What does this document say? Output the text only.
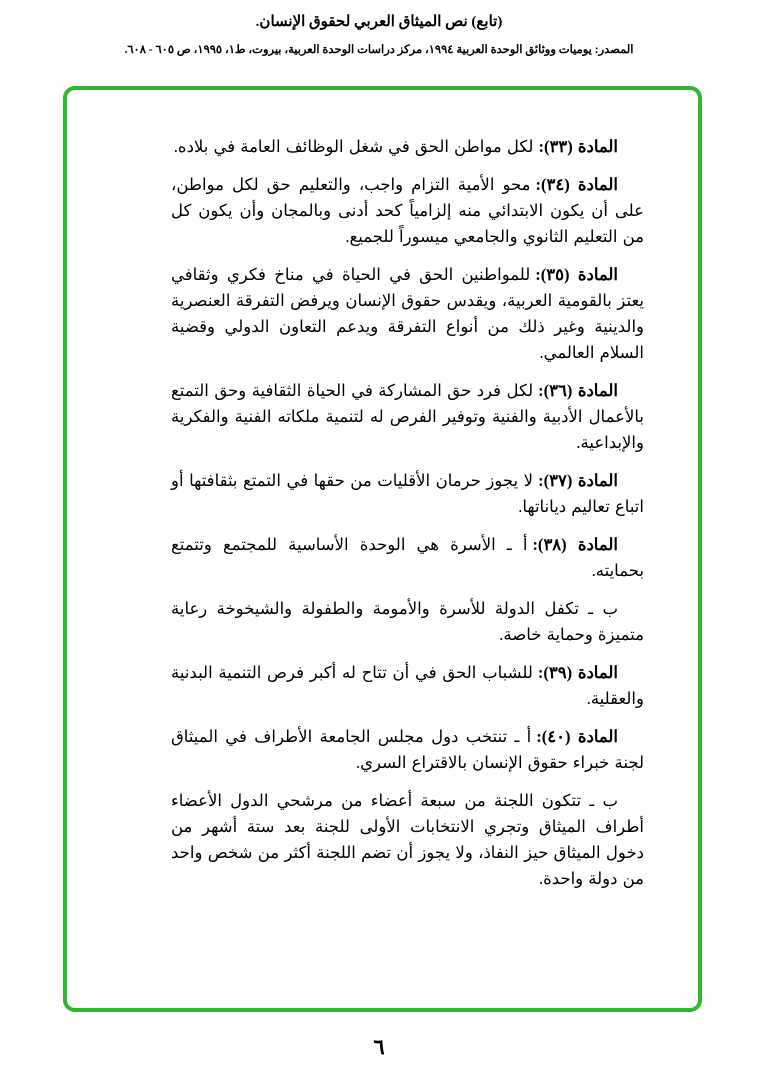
(تابع) نص الميثاق العربي لحقوق الإنسان.
المصدر: يوميات ووثائق الوحدة العربية ١٩٩٤، مركز دراسات الوحدة العربية، بيروت، ط١، ١٩٩٥، ص ٦٠٥ - ٦٠٨.

المادة (٣٣):لكل مواطن الحق في شغل الوظائف العامة في بلاده.

المادة (٣٤):محو الأمية التزام واجب، والتعليم حق لكل مواطن، على أن يكون الابتدائي منه إلزامياً كحد أدنى وبالمجان وأن يكون كل من التعليم الثانوي والجامعي ميسوراً للجميع.

المادة (٣٥):للمواطنين الحق في الحياة في مناخ فكري وثقافي يعتز بالقومية العربية، ويقدس حقوق الإنسان ويرفض التفرقة العنصرية والدينية وغير ذلك من أنواع التفرقة ويدعم التعاون الدولي وقضية السلام العالمي.

المادة (٣٦):لكل فرد حق المشاركة في الحياة الثقافية وحق التمتع بالأعمال الأدبية والفنية وتوفير الفرص له لتنمية ملكاته الفنية والفكرية والإبداعية.

المادة (٣٧):لا يجوز حرمان الأقليات من حقها في التمتع بثقافتها أو اتباع تعاليم دياناتها.

المادة (٣٨):أ ـ الأسرة هي الوحدة الأساسية للمجتمع وتتمتع بحمايته.

ب ـ تكفل الدولة للأسرة والأمومة والطفولة والشيخوخة رعاية متميزة وحماية خاصة.

المادة (٣٩):للشباب الحق في أن تتاح له أكبر فرص التنمية البدنية والعقلية.

المادة (٤٠):أ ـ تنتخب دول مجلس الجامعة الأطراف في الميثاق لجنة خبراء حقوق الإنسان بالاقتراع السري.

ب ـ تتكون اللجنة من سبعة أعضاء من مرشحي الدول الأعضاء أطراف الميثاق وتجري الانتخابات الأولى للجنة بعد ستة أشهر من دخول الميثاق حيز النفاذ، ولا يجوز أن تضم اللجنة أكثر من شخص واحد من دولة واحدة.

٦
